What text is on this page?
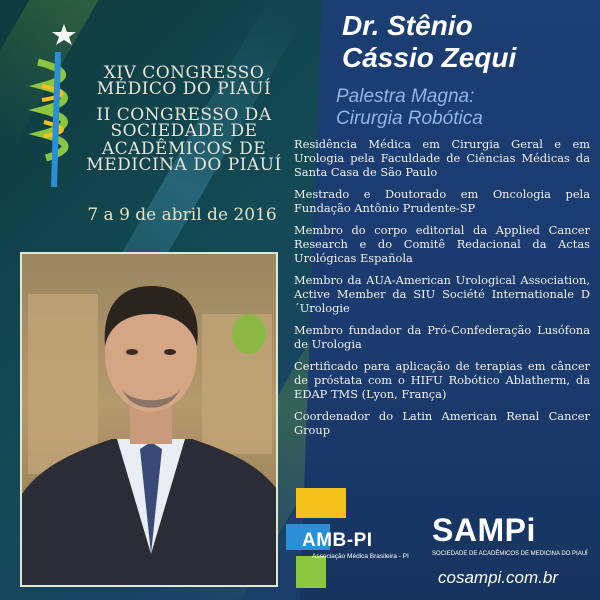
XIV CONGRESSO
MÉDICO DO PIAUÍ
II CONGRESSO DA
SOCIEDADE DE
ACADÊMICOS DE
MEDICINA DO PIAUÍ
7 a 9 de abril de 2016
Dr. Stênio
Cássio Zequi
Palestra Magna:
Cirurgia Robótica

Residência Médica em Cirurgia Geral e em Urologia pela Faculdade de Ciências Médicas da Santa Casa de São Paulo

Mestrado e Doutorado em Oncologia pela Fundação Antônio Prudente-SP

Membro do corpo editorial da Applied Cancer Research e do Comitê Redacional da Actas Urológicas Española

Membro da AUA-American Urological Association, Active Member da SIU Société Internationale D´Urologie

Membro fundador da Pró-Confederação Lusófona de Urologia

Certificado para aplicação de terapias em câncer de próstata com o HIFU Robótico Ablatherm, da EDAP TMS (Lyon, França)

Coordenador do Latin American Renal Cancer Group

AMB-PI
Associação Médica Brasileira - PI
SAMPi
SOCIEDADE DE ACADÊMICOS DE MEDICINA DO PIAUÍ
cosampi.com.br
